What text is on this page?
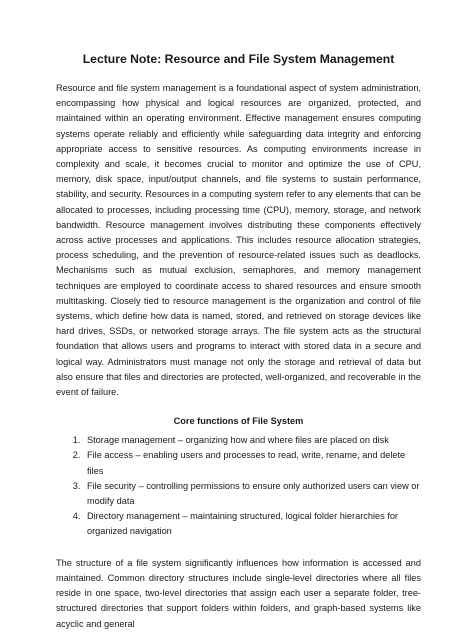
Lecture Note: Resource and File System Management

Resource and file system management is a foundational aspect of system administration, encompassing how physical and logical resources are organized, protected, and maintained within an operating environment. Effective management ensures computing systems operate reliably and efficiently while safeguarding data integrity and enforcing appropriate access to sensitive resources. As computing environments increase in complexity and scale, it becomes crucial to monitor and optimize the use of CPU, memory, disk space, input/output channels, and file systems to sustain performance, stability, and security. Resources in a computing system refer to any elements that can be allocated to processes, including processing time (CPU), memory, storage, and network bandwidth. Resource management involves distributing these components effectively across active processes and applications. This includes resource allocation strategies, process scheduling, and the prevention of resource-related issues such as deadlocks. Mechanisms such as mutual exclusion, semaphores, and memory management techniques are employed to coordinate access to shared resources and ensure smooth multitasking. Closely tied to resource management is the organization and control of file systems, which define how data is named, stored, and retrieved on storage devices like hard drives, SSDs, or networked storage arrays. The file system acts as the structural foundation that allows users and programs to interact with stored data in a secure and logical way. Administrators must manage not only the storage and retrieval of data but also ensure that files and directories are protected, well-organized, and recoverable in the event of failure.

Core functions of File System
1. Storage management – organizing how and where files are placed on disk
2. File access – enabling users and processes to read, write, rename, and delete files
3. File security – controlling permissions to ensure only authorized users can view or modify data
4. Directory management – maintaining structured, logical folder hierarchies for organized navigation

The structure of a file system significantly influences how information is accessed and maintained. Common directory structures include single-level directories where all files reside in one space, two-level directories that assign each user a separate folder, tree-structured directories that support folders within folders, and graph-based systems like acyclic and general
